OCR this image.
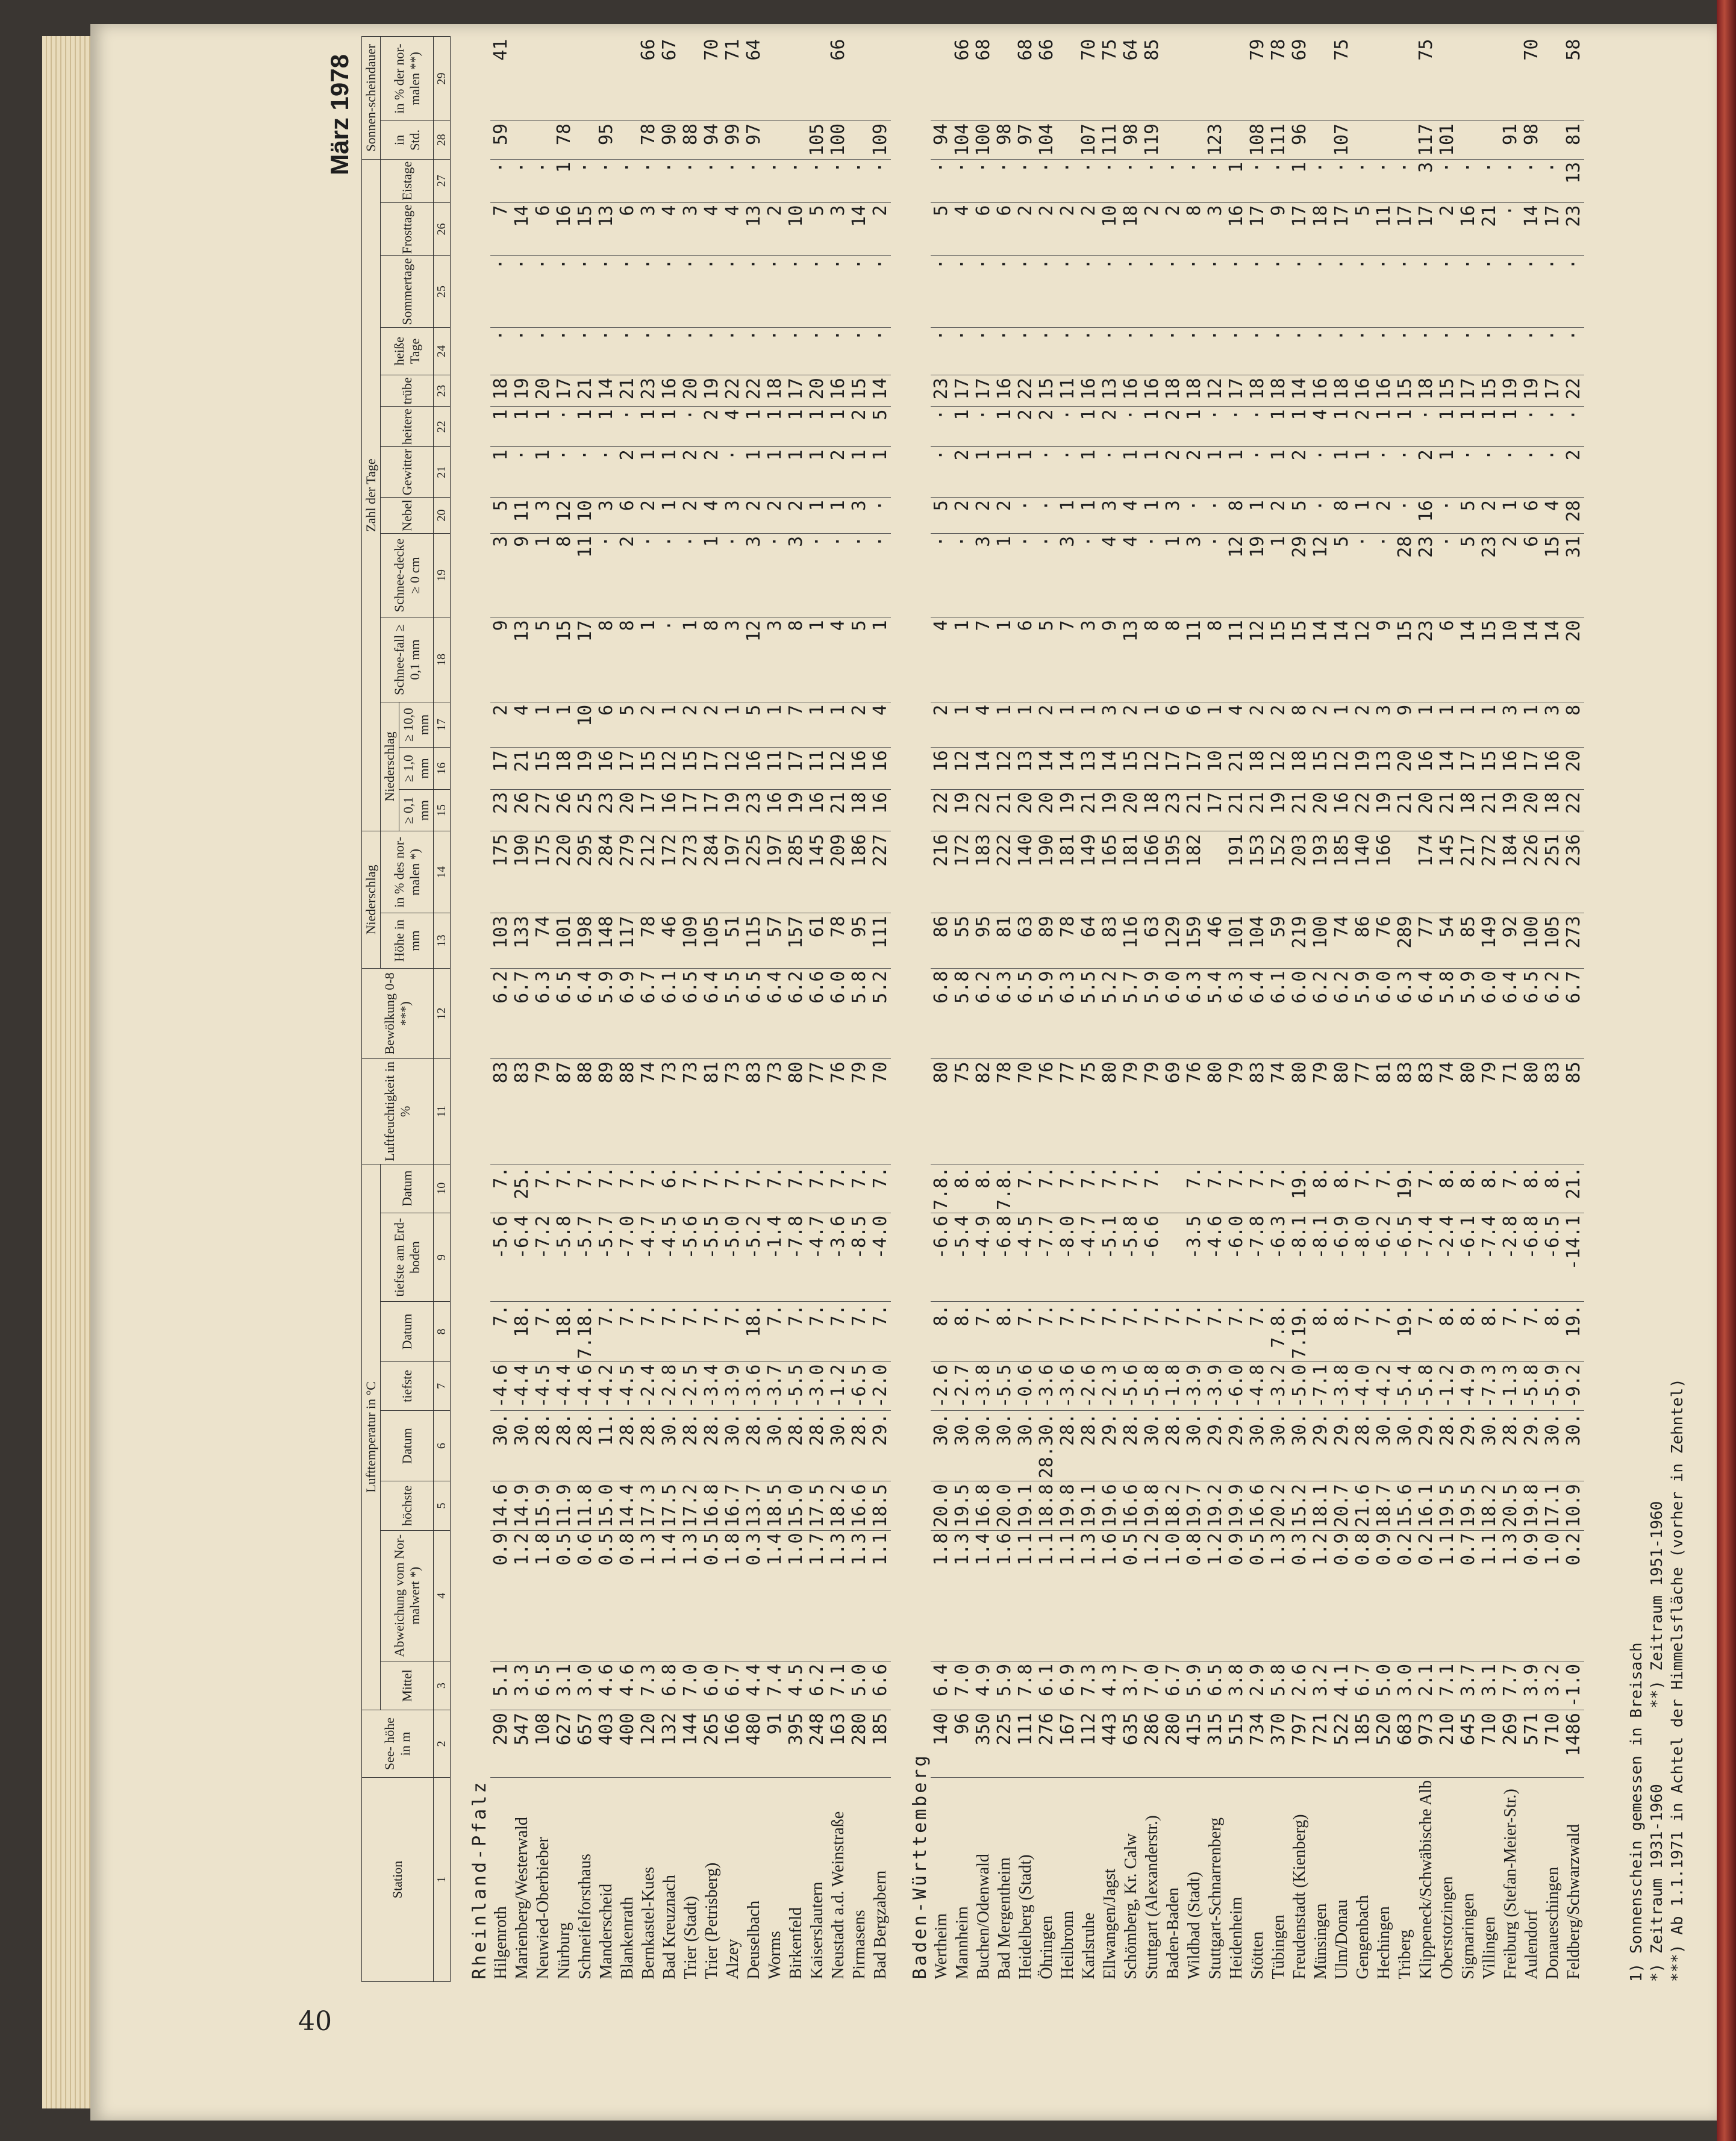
40
März 1978
Station	See- höhe in m	Lufttemperatur in °C								Luftfeuchtigkeit in %	Bewölkung 0-8 ***)	Niederschlag		Zahl der Tage													Sonnen-scheindauer	
		Mittel	Abweichung vom Nor-malwert *)	höchste	Datum	tiefste	Datum	tiefste am Erd-boden	Datum			Höhe in mm	in % des nor-malen *)	Niederschlag			Schnee-fall ≥ 0,1 mm	Schnee-decke ≥ 0 cm	Nebel	Gewitter	heitere	trübe	heiße Tage	Sommertage	Frosttage	Eistage	in Std.	in % der nor-malen **)
														≥ 0,1 mm	≥ 1,0 mm	≥ 10,0 mm												
1	2	3	4	5	6	7	8	9	10	11	12	13	14	15	16	17	18	19	20	21	22	23	24	25	26	27	28	29

Rheinland-Pfalz																												
Hilgenroth	290	5.1	0.9	14.6	30.	-4.6	7.	-5.6	7.	83	6.2	103	175	23	17	2	9	3	5	1	1	18	·	·	7	·	59	41
Marienberg/Westerwald	547	3.3	1.2	14.9	30.	-4.4	18.	-6.4	25.	83	6.7	133	190	26	21	4	13	9	11	·	1	19	·	·	14	·		
Neuwied-Oberbieber	108	6.5	1.8	15.9	28.	-4.5	7.	-7.2	7.	79	6.3	74	175	27	15	1	5	1	3	1	1	20	·	·	6	·		
Nürburg	627	3.1	0.5	11.9	28.	-4.4	18.	-5.8	7.	87	6.5	101	220	26	18	1	15	8	12	·	·	17	·	·	16	1	78	
Schneifelforsthaus	657	3.0	0.6	11.8	28.	-4.6	7.18.	-5.7	7.	88	6.4	198	295	25	19	10	17	11	10	·	1	21	·	·	15	·		
Manderscheid	403	4.6	0.5	15.0	11.	-4.2	7.	-5.7	7.	89	5.9	148	284	23	16	6	8	·	3	·	1	14	·	·	13	·	95	
Blankenrath	400	4.6	0.8	14.4	28.	-4.5	7.	-7.0	7.	88	6.9	117	279	20	17	5	8	2	6	2	·	21	·	·	6	·		
Bernkastel-Kues	120	7.3	1.3	17.3	28.	-2.4	7.	-4.7	7.	74	6.7	78	212	17	15	2	1	·	2	1	1	23	·	·	3	·	78	66
Bad Kreuznach	132	6.8	1.4	17.5	30.	-2.8	7.	-4.5	6.	73	6.1	46	172	16	12	1	·	·	1	1	1	16	·	·	4	·	90	67
Trier (Stadt)	144	7.0	1.3	17.2	28.	-2.5	7.	-5.6	7.	73	6.5	109	273	17	15	2	1	·	2	2	·	20	·	·	3	·	88	
Trier (Petrisberg)	265	6.0	0.5	16.8	28.	-3.4	7.	-5.5	7.	81	6.4	105	284	17	17	2	8	1	4	2	2	19	·	·	4	·	94	70
Alzey	166	6.7	1.8	16.7	30.	-3.9	7.	-5.0	7.	73	5.5	51	197	19	12	1	3	·	3	·	4	22	·	·	4	·	99	71
Deuselbach	480	4.4	0.3	13.7	28.	-3.6	18.	-5.2	7.	83	6.5	115	225	23	16	5	12	3	2	1	1	22	·	·	13	·	97	64
Worms	91	7.4	1.4	18.5	30.	-3.7	7.	-1.4	7.	73	6.4	57	197	16	11	1	3	·	2	1	1	18	·	·	2	·		
Birkenfeld	395	4.5	1.0	15.0	28.	-5.5	7.	-7.8	7.	80	6.2	157	285	19	17	7	8	3	2	1	1	17	·	·	10	·		
Kaiserslautern	248	6.2	1.7	17.5	28.	-3.0	7.	-4.7	7.	77	6.6	61	145	16	11	1	1	·	1	1	1	20	·	·	5	·	105	
Neustadt a.d. Weinstraße	163	7.1	1.3	18.2	30.	-1.2	7.	-3.6	7.	76	6.0	78	209	21	12	1	4	·	1	2	1	16	·	·	3	·	100	66
Pirmasens	280	5.0	1.3	16.6	28.	-6.5	7.	-8.5	7.	79	5.8	95	186	18	16	2	5	·	3	1	2	15	·	·	14	·		
Bad Bergzabern	185	6.6	1.1	18.5	29.	-2.0	7.	-4.0	7.	70	5.2	111	227	16	16	4	1	·	·	1	5	14	·	·	2	·	109	

Baden-Württemberg																												
Wertheim	140	6.4	1.8	20.0	30.	-2.6	8.	-6.6	7.8.	80	6.8	86	216	22	16	2	4	·	5	·	·	23	·	·	5	·	94	
Mannheim	96	7.0	1.3	19.5	30.	-2.7	8.	-5.4	8.	75	5.8	55	172	19	12	1	1	·	2	2	1	17	·	·	4	·	104	66
Buchen/Odenwald	350	4.9	1.4	16.8	30.	-3.8	7.	-4.9	8.	82	6.2	95	183	22	14	4	7	3	2	1	·	17	·	·	6	·	100	68
Bad Mergentheim	225	5.9	1.6	20.0	30.	-5.5	8.	-6.8	7.8.	78	6.3	81	222	21	12	1	1	1	2	1	1	16	·	·	6	·	98	
Heidelberg (Stadt)	111	7.8	1.1	19.1	30.	-0.6	7.	-4.5	7.	70	6.5	63	140	20	13	1	6	·	·	1	2	22	·	·	2	·	97	68
Öhringen	276	6.1	1.1	18.8	28.30.	-3.6	7.	-7.7	7.	76	5.9	89	190	20	14	2	5	·	·	·	2	15	·	·	2	·	104	66
Heilbronn	167	6.9	1.1	19.8	28.	-3.6	7.	-8.0	7.	77	6.3	78	181	19	14	1	7	3	1	·	·	11	·	·	2	·		
Karlsruhe	112	7.3	1.3	19.1	28.	-2.6	7.	-4.7	7.	75	5.5	64	149	21	13	1	3	·	1	1	1	16	·	·	2	·	107	70
Ellwangen/Jagst	443	4.3	1.6	19.6	29.	-2.3	7.	-5.1	7.	80	5.2	83	165	19	14	3	9	4	3	·	2	13	·	·	10	·	111	75
Schömberg, Kr. Calw	635	3.7	0.5	16.6	28.	-5.6	7.	-5.8	7.	79	5.7	116	181	20	15	2	13	4	4	1	·	16	·	·	18	·	98	64
Stuttgart (Alexanderstr.)	286	7.0	1.2	19.8	30.	-5.8	7.	-6.6	7.	79	5.9	63	166	18	12	1	8	·	1	1	1	16	·	·	2	·	119	85
Baden-Baden	280	6.7	1.0	18.2	28.	-1.8	7.			69	6.0	129	195	23	17	6	8	1	3	2	2	18	·	·	2	·		
Wildbad (Stadt)	415	5.9	0.8	19.7	30.	-3.9	7.	-3.5	7.	76	6.3	159	182	21	17	6	11	3	·	2	1	18	·	·	8	·		
Stuttgart-Schnarrenberg	315	6.5	1.2	19.2	29.	-3.9	7.	-4.6	7.	80	5.4	46		17	10	1	8	·	·	1	·	12	·	·	3	·	123	
Heidenheim	515	3.8	0.9	19.9	29.	-6.0	7.	-6.0	7.	79	6.3	101	191	21	21	4	11	12	8	1	·	17	·	·	16	1		
Stötten	734	2.9	0.5	16.6	30.	-4.8	7.	-7.8	7.	83	6.4	104	153	21	18	2	12	19	1	·	·	18	·	·	17	·	108	79
Tübingen	370	5.8	1.3	20.2	30.	-3.2	7.8.	-6.3	7.	74	6.1	59	152	19	12	2	15	1	2	1	1	18	·	·	9	·	111	78
Freudenstadt (Kienberg)	797	2.6	0.3	15.2	30.	-5.0	7.19.	-8.1	19.	80	6.0	219	203	21	18	8	15	29	5	2	1	14	·	·	17	1	96	69
Münsingen	721	3.2	1.2	18.1	29.	-7.1	8.	-8.1	8.	79	6.2	100	193	20	15	2	14	12	·	·	4	16	·	·	18	·		
Ulm/Donau	522	4.1	0.9	20.7	29.	-3.8	8.	-6.9	8.	80	6.2	74	185	16	12	1	14	5	8	1	1	18	·	·	17	·	107	75
Gengenbach	185	6.7	0.8	21.6	28.	-4.0	7.	-8.0	7.	77	5.9	86	140	22	19	2	12	·	1	1	2	16	·	·	5	·		
Hechingen	520	5.0	0.9	18.7	30.	-4.2	7.	-6.2	7.	81	6.0	76	166	19	13	3	9	·	2	·	1	16	·	·	11	·		
Triberg	683	3.0	0.2	15.6	30.	-5.4	19.	-6.5	19.	83	6.3	289		21	20	9	15	28	·	·	1	15	·	·	17	·		
Klippeneck/Schwäbische Alb	973	2.1	0.2	16.1	29.	-5.8	7.	-7.4	7.	83	6.4	77	174	20	16	1	23	23	16	2	·	18	·	·	17	3	117	75
Oberstotzingen	210	7.1	1.1	19.5	28.	-1.2	8.	-2.4	8.	74	5.8	54	145	21	14	1	6	·	·	1	1	15	·	·	2	·	101	
Sigmaringen	645	3.7	0.7	19.5	29.	-4.9	8.	-6.1	8.	80	5.9	85	217	18	17	1	14	5	5	·	1	17	·	·	16	·		
Villingen	710	3.1	1.1	18.2	30.	-7.3	8.	-7.4	8.	79	6.0	149	272	21	15	1	15	23	2	·	1	15	·	·	21	·		
Freiburg (Stefan-Meier-Str.)	269	7.7	1.3	20.5	28.	-1.3	7.	-2.8	7.	71	6.4	92	184	19	16	3	10	2	1	·	1	19	·	·	·	·	91	
Aulendorf	571	3.9	0.9	19.8	29.	-5.8	7.	-6.8	8.	80	6.5	100	226	20	17	1	14	6	6	·	·	19	·	·	14	·	98	70
Donaueschingen	710	3.2	1.0	17.1	30.	-5.9	8.	-6.5	8.	83	6.2	105	251	18	16	3	14	15	4	·	·	17	·	·	17	·		
Feldberg/Schwarzwald	1486	-1.0	0.2	10.9	30.	-9.2	19.	-14.1	21.	85	6.7	273	236	22	20	8	20	31	28	2	·	22	·	·	23	13	81	58
1) Sonnenschein gemessen in Breisach *) Zeitraum 1931-1960        **) Zeitraum 1951-1960 ***) Ab 1.1.1971 in Achtel der Himmelsfläche (vorher in Zehntel)
